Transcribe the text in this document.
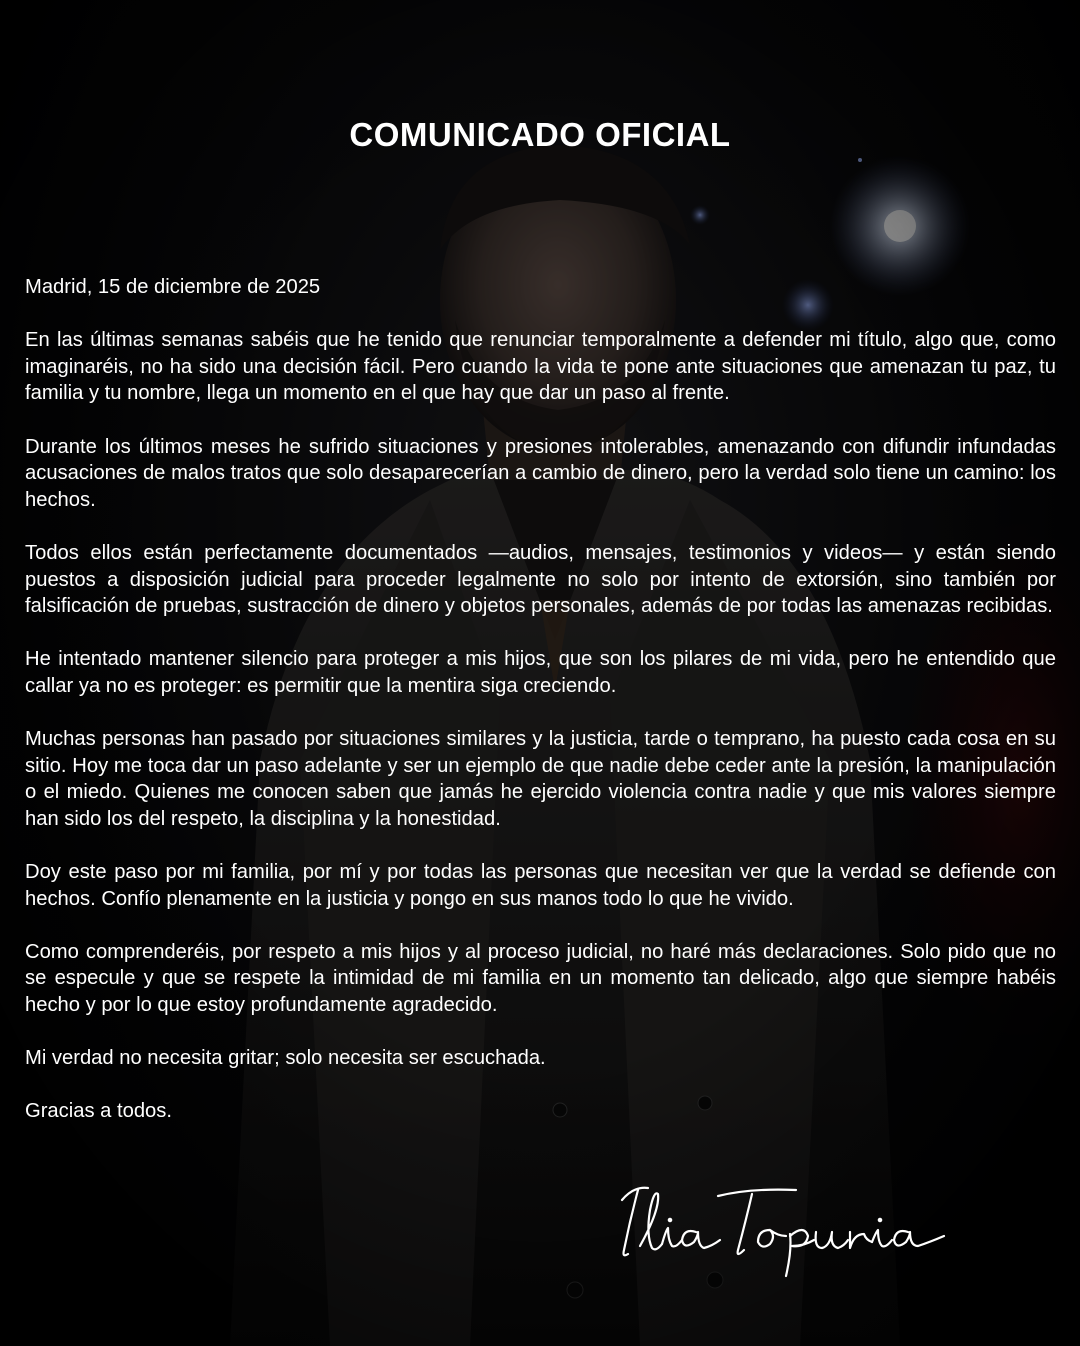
COMUNICADO OFICIAL

Madrid, 15 de diciembre de 2025

En las últimas semanas sabéis que he tenido que renunciar temporalmente a defender mi título, algo que, como imaginaréis, no ha sido una decisión fácil. Pero cuando la vida te pone ante situaciones que amenazan tu paz, tu familia y tu nombre, llega un momento en el que hay que dar un paso al frente.

Durante los últimos meses he sufrido situaciones y presiones intolerables, amenazando con difundir infundadas acusaciones de malos tratos que solo desaparecerían a cambio de dinero, pero la verdad solo tiene un camino: los hechos.

Todos ellos están perfectamente documentados —audios, mensajes, testimonios y videos— y están siendo puestos a disposición judicial para proceder legalmente no solo por intento de extorsión, sino también por falsificación de pruebas, sustracción de dinero y objetos personales, además de por todas las amenazas recibidas.

He intentado mantener silencio para proteger a mis hijos, que son los pilares de mi vida, pero he entendido que callar ya no es proteger: es permitir que la mentira siga creciendo.

Muchas personas han pasado por situaciones similares y la justicia, tarde o temprano, ha puesto cada cosa en su sitio. Hoy me toca dar un paso adelante y ser un ejemplo de que nadie debe ceder ante la presión, la manipulación o el miedo. Quienes me conocen saben que jamás he ejercido violencia contra nadie y que mis valores siempre han sido los del respeto, la disciplina y la honestidad.

Doy este paso por mi familia, por mí y por todas las personas que necesitan ver que la verdad se defiende con hechos. Confío plenamente en la justicia y pongo en sus manos todo lo que he vivido.

Como comprenderéis, por respeto a mis hijos y al proceso judicial, no haré más declaraciones. Solo pido que no se especule y que se respete la intimidad de mi familia en un momento tan delicado, algo que siempre habéis hecho y por lo que estoy profundamente agradecido.

Mi verdad no necesita gritar; solo necesita ser escuchada.

Gracias a todos.
